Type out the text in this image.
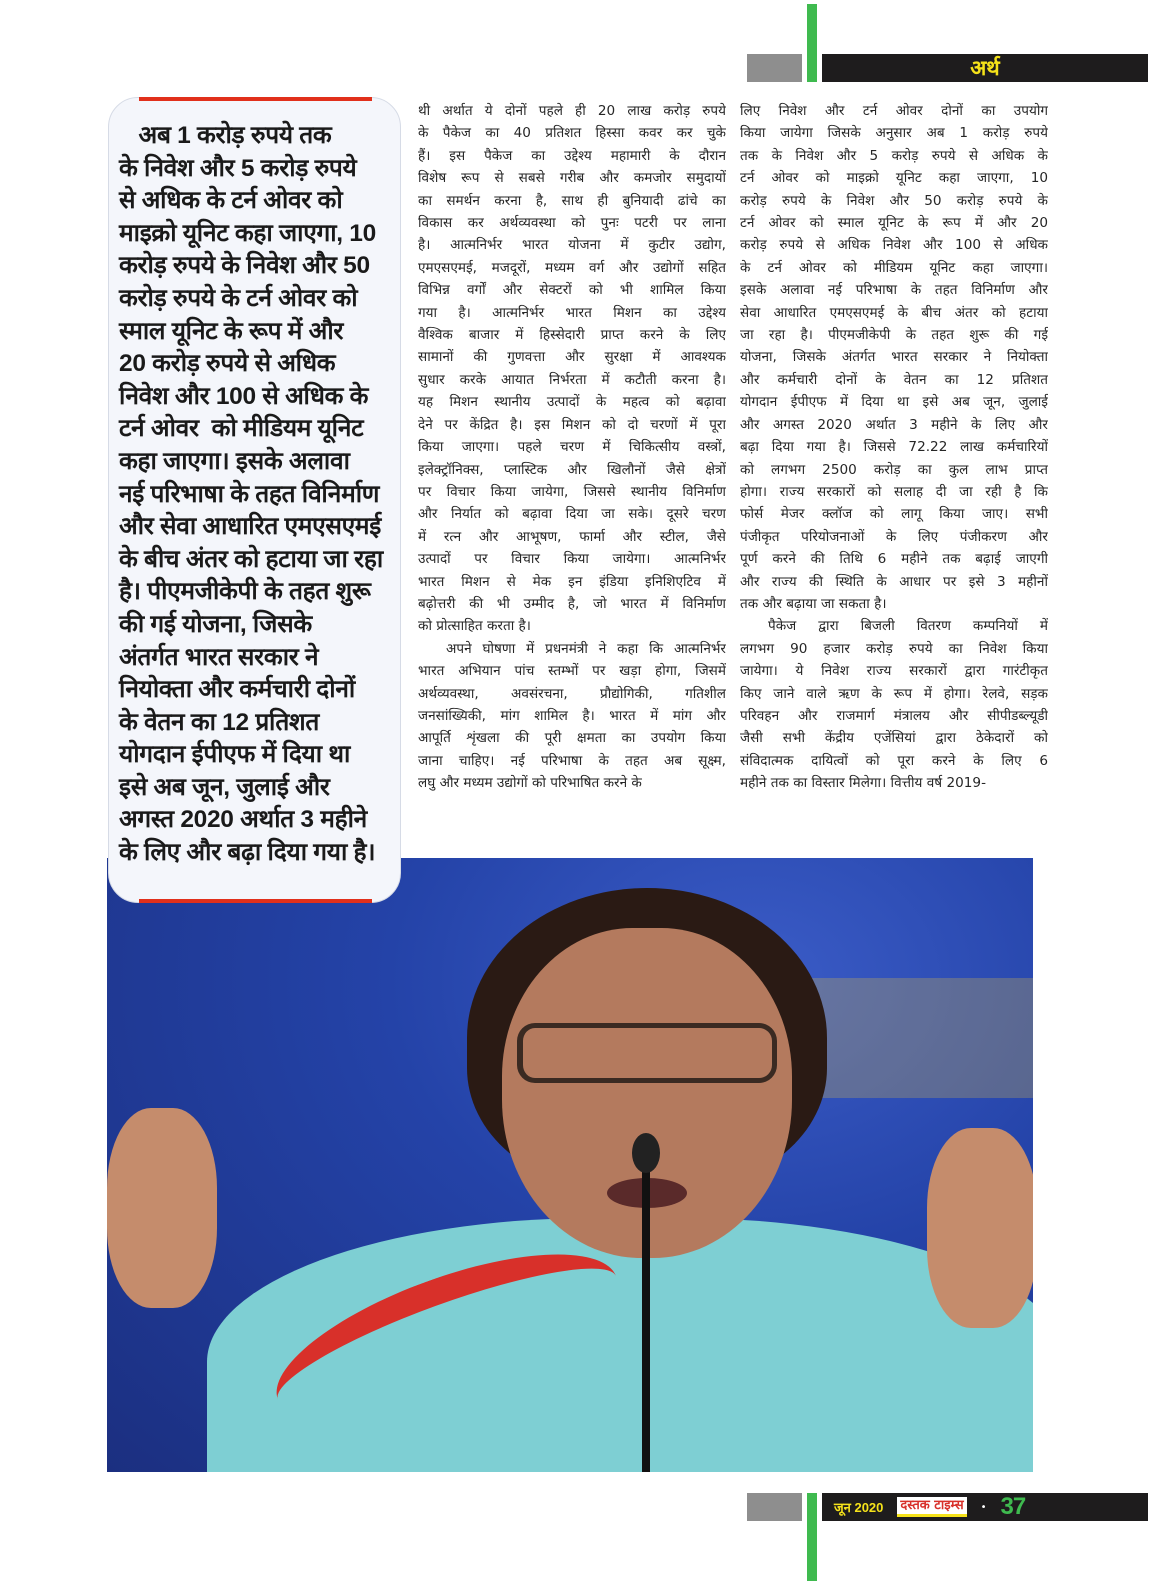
अर्थ

अब 1 करोड़ रुपये तक

के निवेश और 5 करोड़ रुपये

से अधिक के टर्न ओवर को

माइक्रो यूनिट कहा जाएगा, 10

करोड़ रुपये के निवेश और 50

करोड़ रुपये के टर्न ओवर को

स्माल यूनिट के रूप में और

20 करोड़ रुपये से अधिक

निवेश और 100 से अधिक के

टर्न ओवर  को मीडियम यूनिट

कहा जाएगा। इसके अलावा

नई परिभाषा के तहत विनिर्माण

और सेवा आधारित एमएसएमई

के बीच अंतर को हटाया जा रहा

है। पीएमजीकेपी के तहत शुरू

की गई योजना, जिसके

अंतर्गत भारत सरकार ने

नियोक्ता और कर्मचारी दोनों

के वेतन का 12 प्रतिशत

योगदान ईपीएफ में दिया था

इसे अब जून, जुलाई और

अगस्त 2020 अर्थात 3 महीने

के लिए और बढ़ा दिया गया है।

थी अर्थात ये दोनों पहले ही 20 लाख करोड़ रुपये
के पैकेज का 40 प्रतिशत हिस्सा कवर कर चुके
हैं। इस पैकेज का उद्देश्य महामारी के दौरान
विशेष रूप से सबसे गरीब और कमजोर समुदायों
का समर्थन करना है, साथ ही बुनियादी ढांचे का
विकास कर अर्थव्यवस्था को पुनः पटरी पर लाना
है। आत्मनिर्भर भारत योजना में कुटीर उद्योग,
एमएसएमई, मजदूरों, मध्यम वर्ग और उद्योगों सहित
विभिन्न वर्गों और सेक्टरों को भी शामिल किया
गया है। आत्मनिर्भर भारत मिशन का उद्देश्य
वैश्विक बाजार में हिस्सेदारी प्राप्त करने के लिए
सामानों की गुणवत्ता और सुरक्षा में आवश्यक
सुधार करके आयात निर्भरता में कटौती करना है।
यह मिशन स्थानीय उत्पादों के महत्व को बढ़ावा
देने पर केंद्रित है। इस मिशन को दो चरणों में पूरा
किया जाएगा। पहले चरण में चिकित्सीय वस्त्रों,
इलेक्ट्रॉनिक्स, प्लास्टिक और खिलौनों जैसे क्षेत्रों
पर विचार किया जायेगा, जिससे स्थानीय विनिर्माण
और निर्यात को बढ़ावा दिया जा सके। दूसरे चरण
में रत्न और आभूषण, फार्मा और स्टील, जैसे
उत्पादों पर विचार किया जायेगा। आत्मनिर्भर
भारत मिशन से मेक इन इंडिया इनिशिएटिव में
बढ़ोत्तरी की भी उम्मीद है, जो भारत में विनिर्माण
को प्रोत्साहित करता है।
अपने घोषणा में प्रधनमंत्री ने कहा कि आत्मनिर्भर
भारत अभियान पांच स्तम्भों पर खड़ा होगा, जिसमें
अर्थव्यवस्था, अवसंरचना, प्रौद्योगिकी, गतिशील
जनसांख्यिकी, मांग शामिल है। भारत में मांग और
आपूर्ति शृंखला की पूरी क्षमता का उपयोग किया
जाना चाहिए। नई परिभाषा के तहत अब सूक्ष्म,
लघु और मध्यम उद्योगों को परिभाषित करने के
लिए निवेश और टर्न ओवर दोनों का उपयोग
किया जायेगा जिसके अनुसार अब 1 करोड़ रुपये
तक के निवेश और 5 करोड़ रुपये से अधिक के
टर्न ओवर को माइक्रो यूनिट कहा जाएगा, 10
करोड़ रुपये के निवेश और 50 करोड़ रुपये के
टर्न ओवर को स्माल यूनिट के रूप में और 20
करोड़ रुपये से अधिक निवेश और 100 से अधिक
के टर्न ओवर को मीडियम यूनिट कहा जाएगा।
इसके अलावा नई परिभाषा के तहत विनिर्माण और
सेवा आधारित एमएसएमई के बीच अंतर को हटाया
जा रहा है। पीएमजीकेपी के तहत शुरू की गई
योजना, जिसके अंतर्गत भारत सरकार ने नियोक्ता
और कर्मचारी दोनों के वेतन का 12 प्रतिशत
योगदान ईपीएफ में दिया था इसे अब जून, जुलाई
और अगस्त 2020 अर्थात 3 महीने के लिए और
बढ़ा दिया गया है। जिससे 72.22 लाख कर्मचारियों
को लगभग 2500 करोड़ का कुल लाभ प्राप्त
होगा। राज्य सरकारों को सलाह दी जा रही है कि
फोर्स मेजर क्लॉज को लागू किया जाए। सभी
पंजीकृत परियोजनाओं के लिए पंजीकरण और
पूर्ण करने की तिथि 6 महीने तक बढ़ाई जाएगी
और राज्य की स्थिति के आधार पर इसे 3 महीनों
तक और बढ़ाया जा सकता है।
पैकेज द्वारा बिजली वितरण कम्पनियों में
लगभग 90 हजार करोड़ रुपये का निवेश किया
जायेगा। ये निवेश राज्य सरकारों द्वारा गारंटीकृत
किए जाने वाले ऋण के रूप में होगा। रेलवे, सड़क
परिवहन और राजमार्ग मंत्रालय और सीपीडब्ल्यूडी
जैसी सभी केंद्रीय एजेंसियां द्वारा ठेकेदारों को
संविदात्मक दायित्वों को पूरा करने के लिए 6
महीने तक का विस्तार मिलेगा। वित्तीय वर्ष 2019-
जून 2020 दस्तक टाइम्स	• 37
